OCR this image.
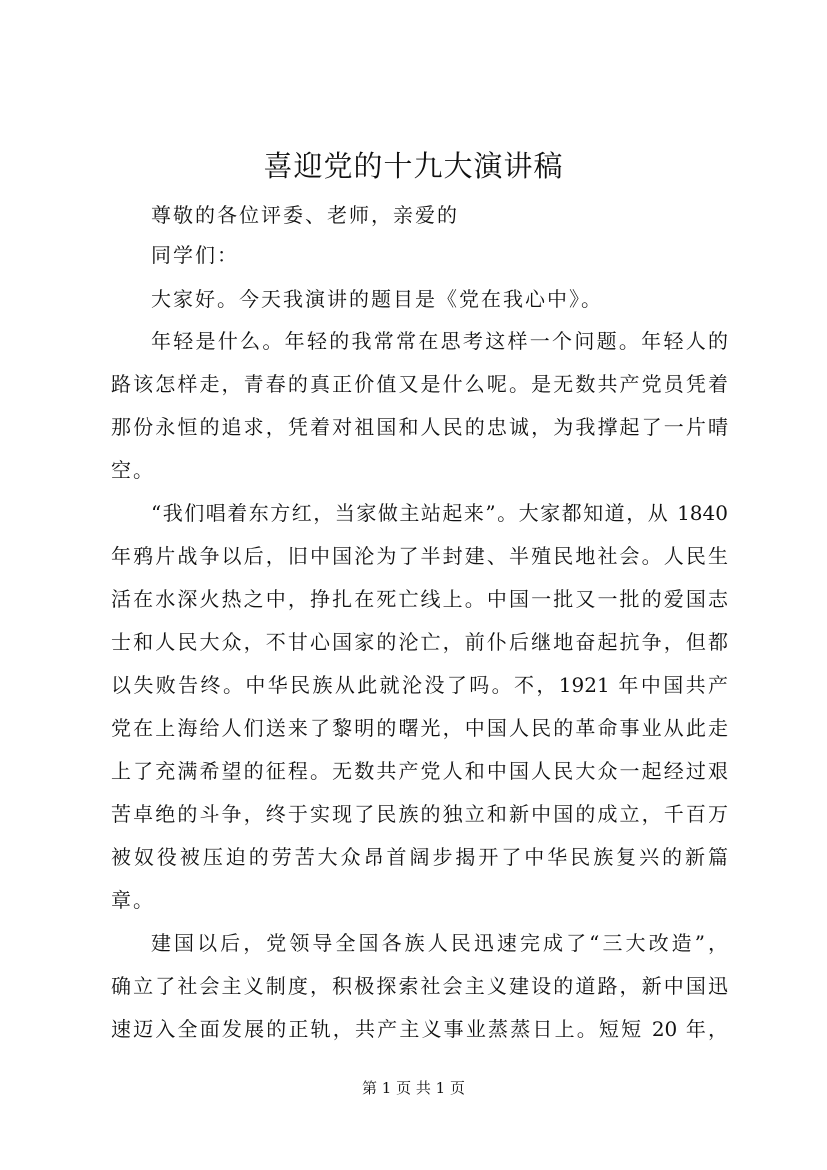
喜迎党的十九大演讲稿
尊敬的各位评委、老师，亲爱的
同学们：
大家好。今天我演讲的题目是《党在我心中》。
年轻是什么。年轻的我常常在思考这样一个问题。年轻人的
路该怎样走，青春的真正价值又是什么呢。是无数共产党员凭着
那份永恒的追求，凭着对祖国和人民的忠诚，为我撑起了一片晴
空。
“我们唱着东方红，当家做主站起来”。大家都知道，从 1840
年鸦片战争以后，旧中国沦为了半封建、半殖民地社会。人民生
活在水深火热之中，挣扎在死亡线上。中国一批又一批的爱国志
士和人民大众，不甘心国家的沦亡，前仆后继地奋起抗争，但都
以失败告终。中华民族从此就沦没了吗。不，1921 年中国共产
党在上海给人们送来了黎明的曙光，中国人民的革命事业从此走
上了充满希望的征程。无数共产党人和中国人民大众一起经过艰
苦卓绝的斗争，终于实现了民族的独立和新中国的成立，千百万
被奴役被压迫的劳苦大众昂首阔步揭开了中华民族复兴的新篇
章。
建国以后，党领导全国各族人民迅速完成了“三大改造”，
确立了社会主义制度，积极探索社会主义建设的道路，新中国迅
速迈入全面发展的正轨，共产主义事业蒸蒸日上。短短 20 年，
第 1 页 共 1 页
